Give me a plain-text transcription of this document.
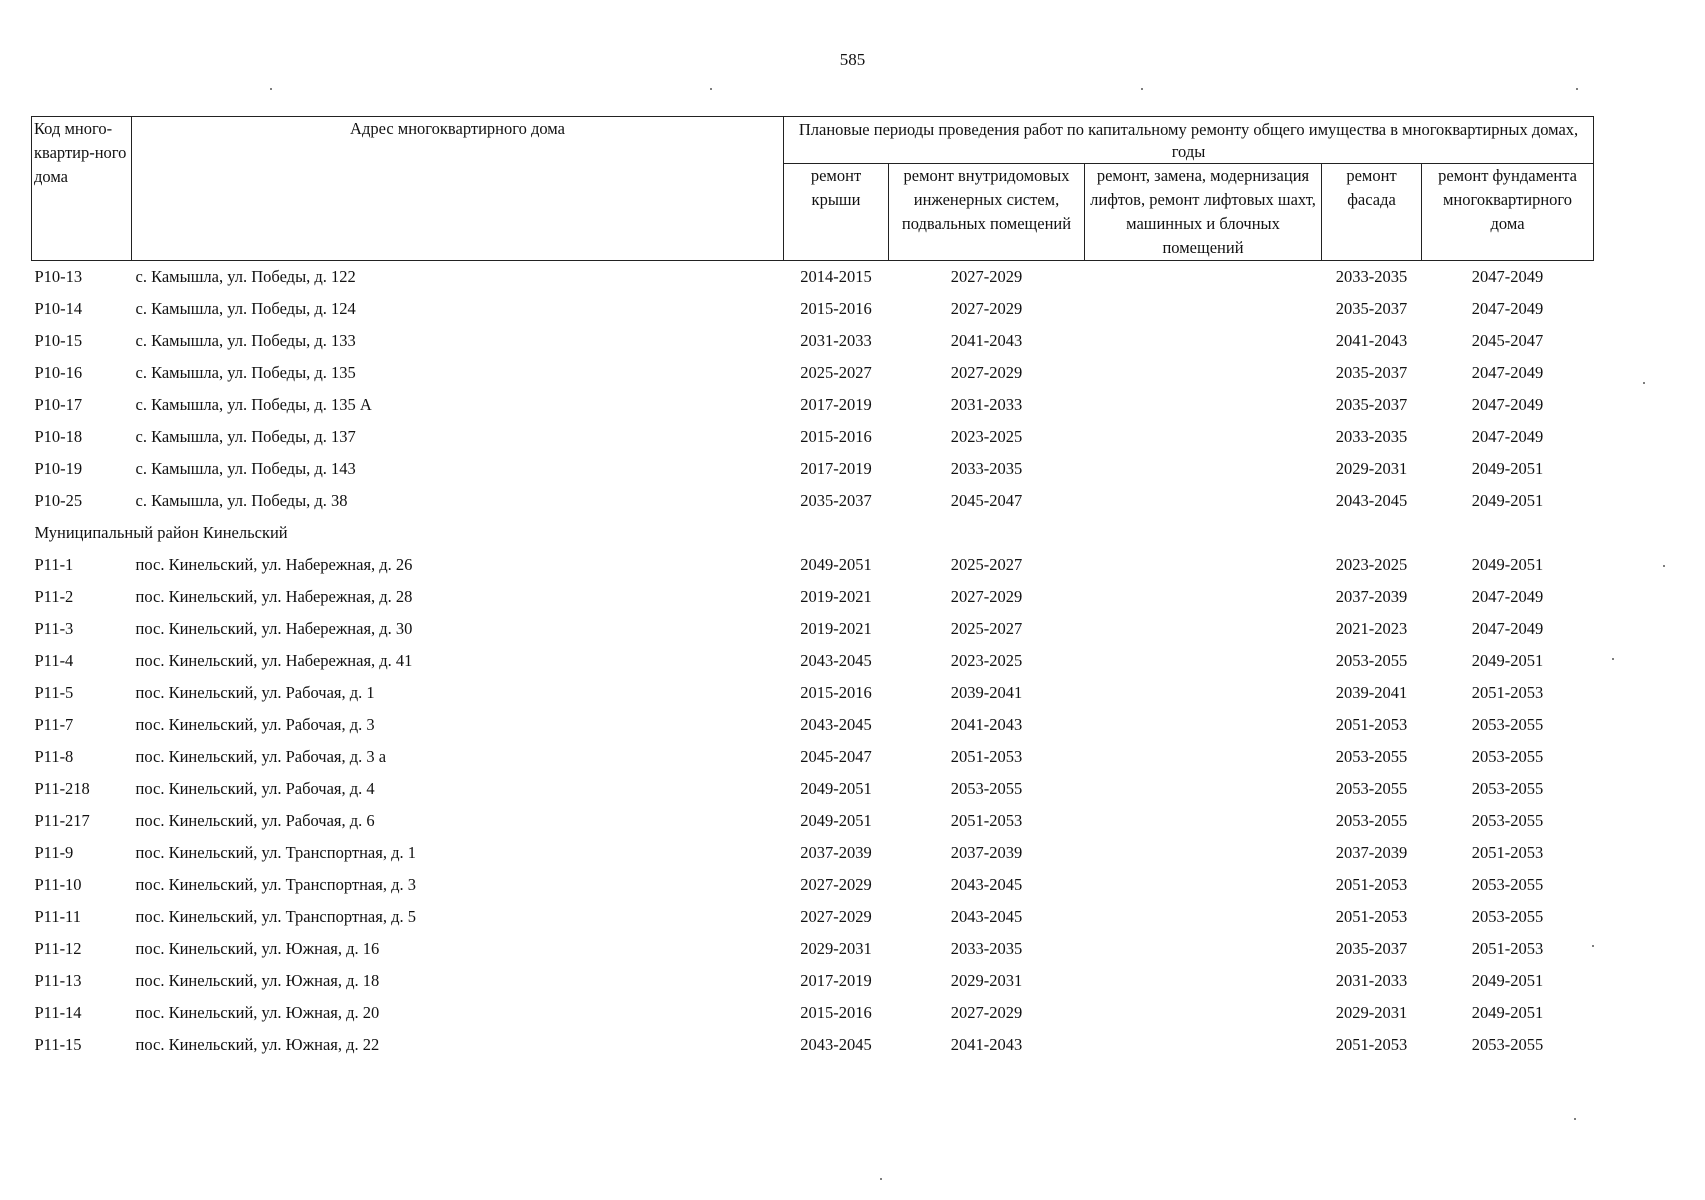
585
Код много-квартир-ного дома	Адрес многоквартирного дома	Плановые периоды проведения работ по капитальному ремонту общего имущества в многоквартирных домах, годы				
		ремонт крыши	ремонт внутридомовых инженерных систем, подвальных помещений	ремонт, замена, модернизация лифтов, ремонт лифтовых шахт, машинных и блочных помещений	ремонт фасада	ремонт фундамента многоквартирного дома
Р10-13	с. Камышла, ул. Победы, д. 122	2014-2015	2027-2029		2033-2035	2047-2049
Р10-14	с. Камышла, ул. Победы, д. 124	2015-2016	2027-2029		2035-2037	2047-2049
Р10-15	с. Камышла, ул. Победы, д. 133	2031-2033	2041-2043		2041-2043	2045-2047
Р10-16	с. Камышла, ул. Победы, д. 135	2025-2027	2027-2029		2035-2037	2047-2049
Р10-17	с. Камышла, ул. Победы, д. 135 А	2017-2019	2031-2033		2035-2037	2047-2049
Р10-18	с. Камышла, ул. Победы, д. 137	2015-2016	2023-2025		2033-2035	2047-2049
Р10-19	с. Камышла, ул. Победы, д. 143	2017-2019	2033-2035		2029-2031	2049-2051
Р10-25	с. Камышла, ул. Победы, д. 38	2035-2037	2045-2047		2043-2045	2049-2051
Муниципальный район Кинельский						
Р11-1	пос. Кинельский, ул. Набережная, д. 26	2049-2051	2025-2027		2023-2025	2049-2051
Р11-2	пос. Кинельский, ул. Набережная, д. 28	2019-2021	2027-2029		2037-2039	2047-2049
Р11-3	пос. Кинельский, ул. Набережная, д. 30	2019-2021	2025-2027		2021-2023	2047-2049
Р11-4	пос. Кинельский, ул. Набережная, д. 41	2043-2045	2023-2025		2053-2055	2049-2051
Р11-5	пос. Кинельский, ул. Рабочая, д. 1	2015-2016	2039-2041		2039-2041	2051-2053
Р11-7	пос. Кинельский, ул. Рабочая, д. 3	2043-2045	2041-2043		2051-2053	2053-2055
Р11-8	пос. Кинельский, ул. Рабочая, д. 3 а	2045-2047	2051-2053		2053-2055	2053-2055
Р11-218	пос. Кинельский, ул. Рабочая, д. 4	2049-2051	2053-2055		2053-2055	2053-2055
Р11-217	пос. Кинельский, ул. Рабочая, д. 6	2049-2051	2051-2053		2053-2055	2053-2055
Р11-9	пос. Кинельский, ул. Транспортная, д. 1	2037-2039	2037-2039		2037-2039	2051-2053
Р11-10	пос. Кинельский, ул. Транспортная, д. 3	2027-2029	2043-2045		2051-2053	2053-2055
Р11-11	пос. Кинельский, ул. Транспортная, д. 5	2027-2029	2043-2045		2051-2053	2053-2055
Р11-12	пос. Кинельский, ул. Южная, д. 16	2029-2031	2033-2035		2035-2037	2051-2053
Р11-13	пос. Кинельский, ул. Южная, д. 18	2017-2019	2029-2031		2031-2033	2049-2051
Р11-14	пос. Кинельский, ул. Южная, д. 20	2015-2016	2027-2029		2029-2031	2049-2051
Р11-15	пос. Кинельский, ул. Южная, д. 22	2043-2045	2041-2043		2051-2053	2053-2055
